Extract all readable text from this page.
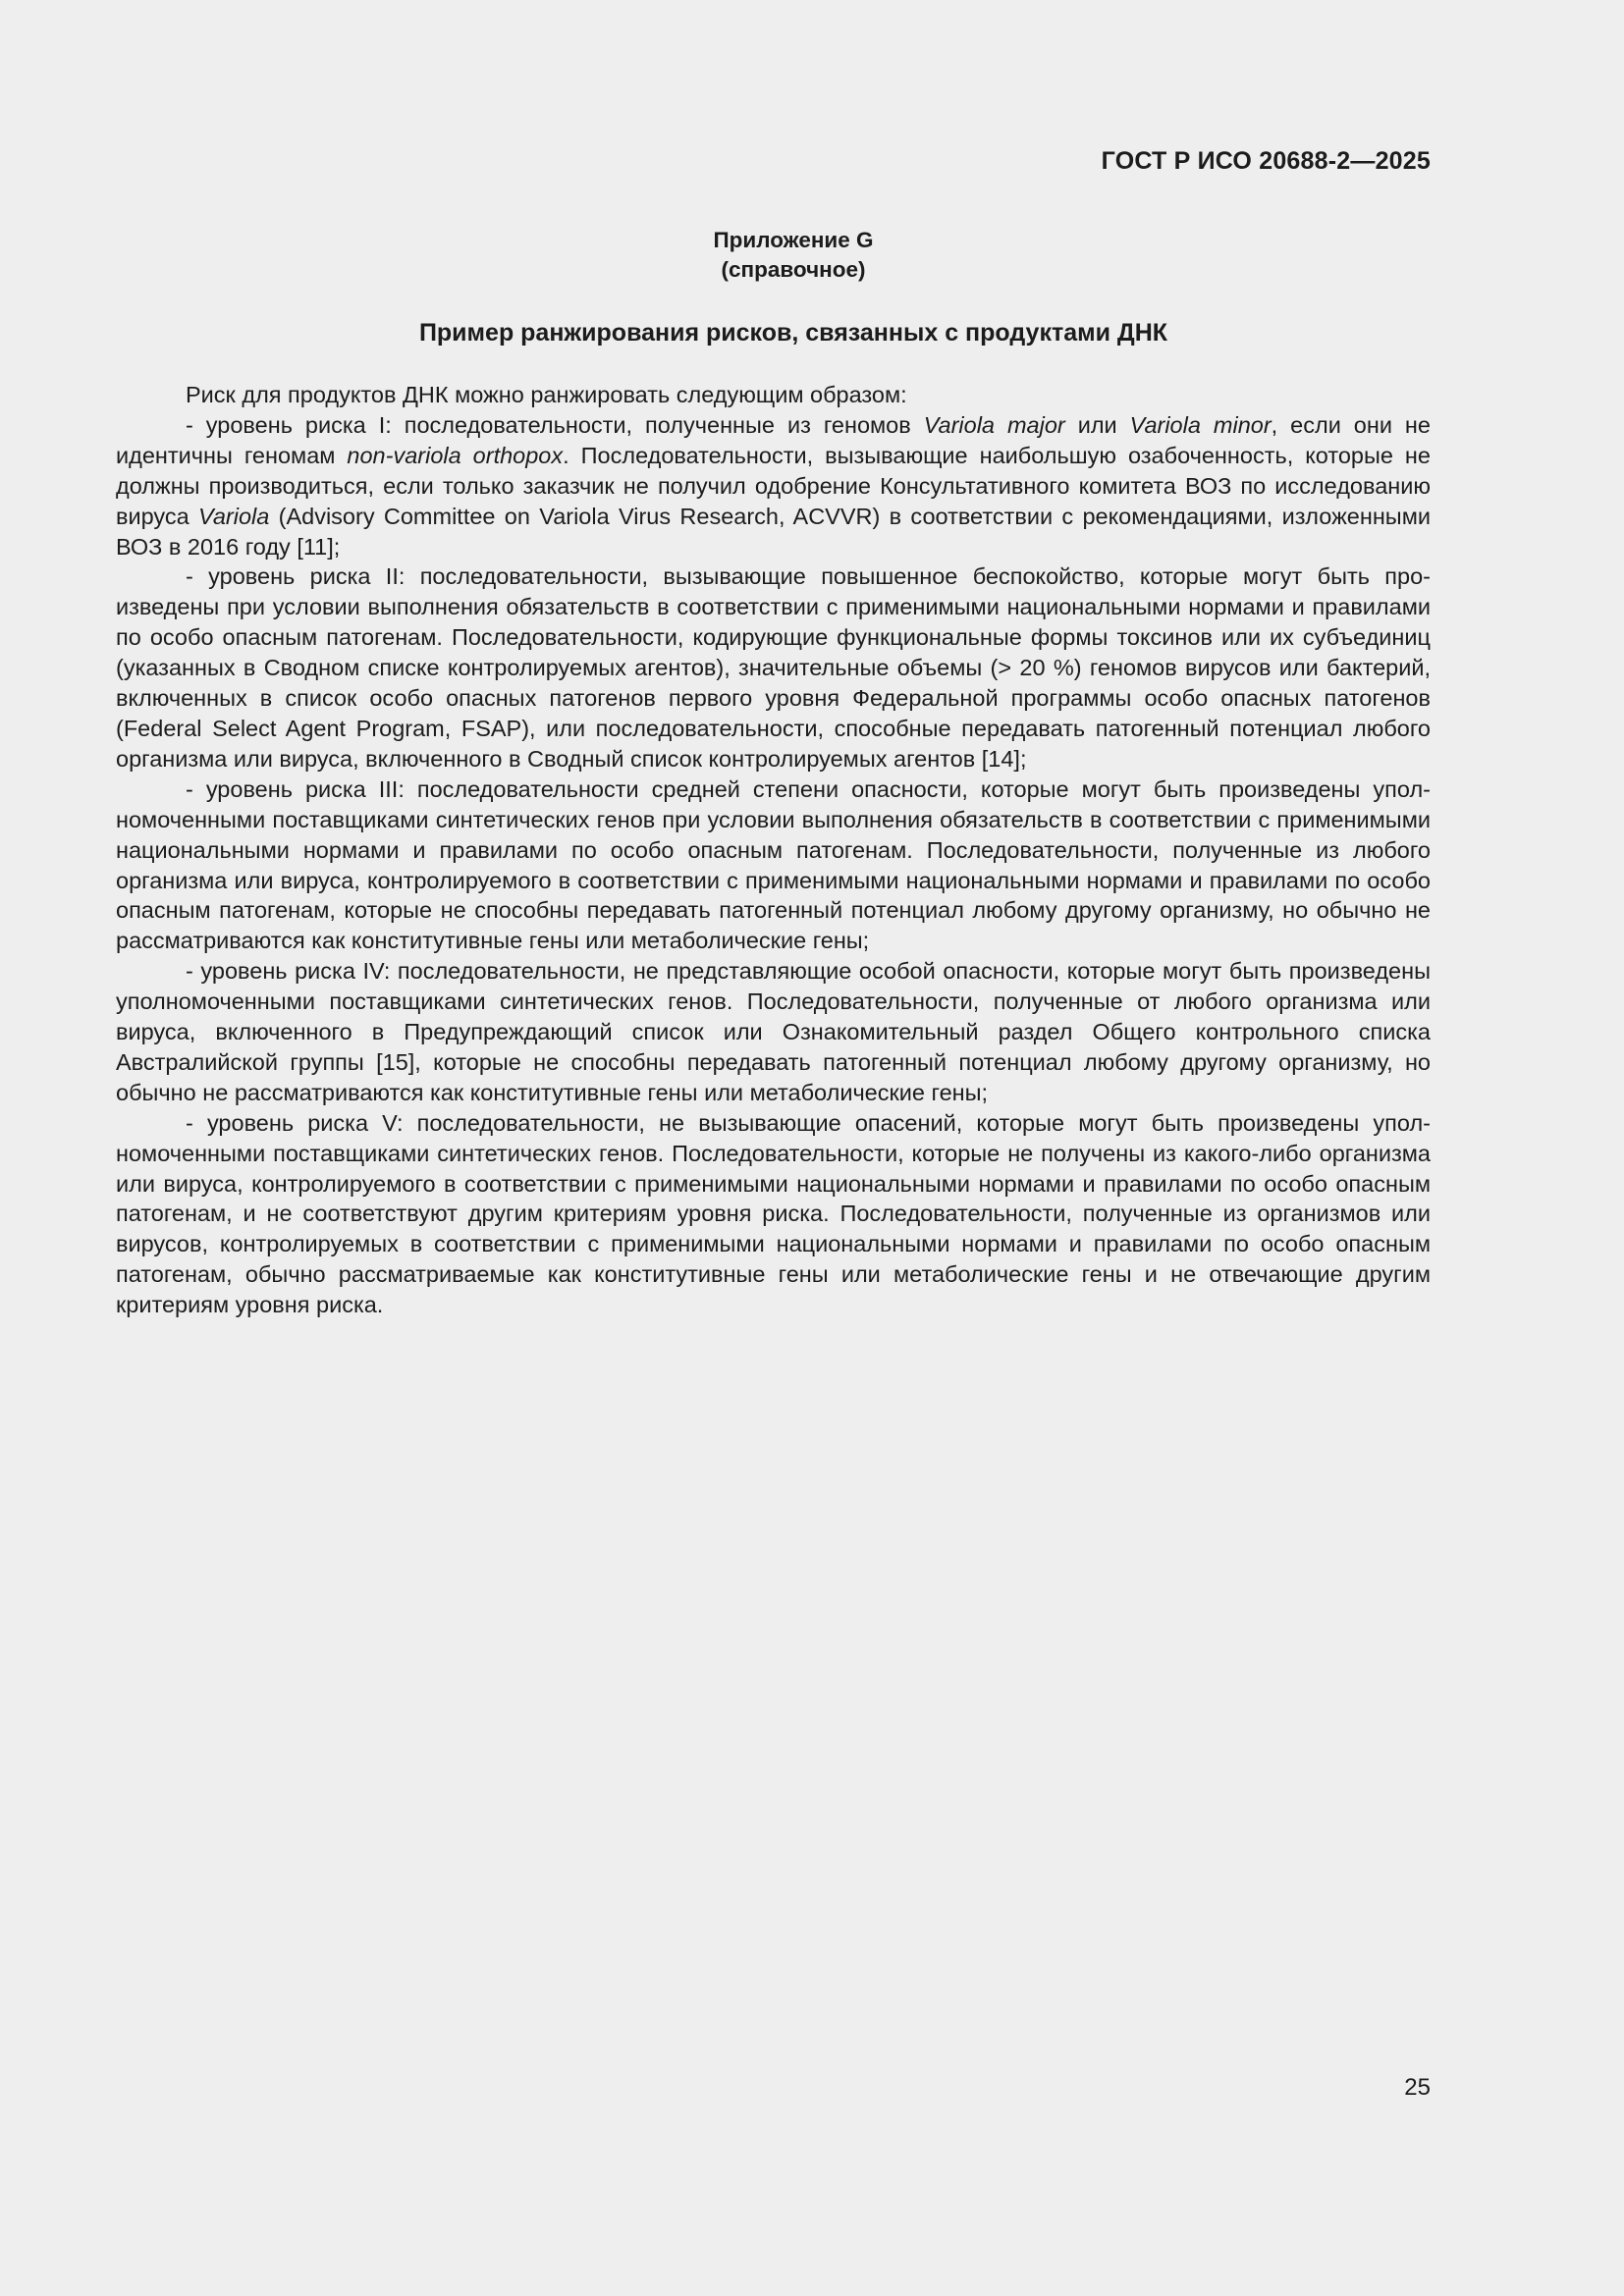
ГОСТ Р ИСО 20688-2—2025
Приложение G
(справочное)
Пример ранжирования рисков, связанных с продуктами ДНК

Риск для продуктов ДНК можно ранжировать следующим образом:

- уровень риска I: последовательности, полученные из геномов Variola major или Variola minor, если они не идентичны геномам non-variola orthopox. Последовательности, вызывающие наибольшую озабоченность, которые не должны производиться, если только заказчик не получил одобрение Консультативного комитета ВОЗ по исследованию вируса Variola (Advisory Committee on Variola Virus Research, ACVVR) в соответствии с рекомендациями, изложенными ВОЗ в 2016 году [11];

- уровень риска II: последовательности, вызывающие повышенное беспокойство, которые могут быть произведены при условии выполнения обязательств в соответствии с применимыми национальными нормами и правилами по особо опасным патогенам. Последовательности, кодирующие функциональные формы токсинов или их субъединиц (указанных в Сводном списке контролируемых агентов), значительные объемы (> 20 %) геномов вирусов или бактерий, включенных в список особо опасных патогенов первого уровня Федеральной программы особо опасных патогенов (Federal Select Agent Program, FSAP), или последовательности, способные передавать патогенный потенциал любого организма или вируса, включенного в Сводный список контролируемых агентов [14];

- уровень риска III: последовательности средней степени опасности, которые могут быть произведены уполномоченными поставщиками синтетических генов при условии выполнения обязательств в соответствии с применимыми национальными нормами и правилами по особо опасным патогенам. Последовательности, полученные из любого организма или вируса, контролируемого в соответствии с применимыми национальными нормами и правилами по особо опасным патогенам, которые не способны передавать патогенный потенциал любому другому организму, но обычно не рассматриваются как конститутивные гены или метаболические гены;

- уровень риска IV: последовательности, не представляющие особой опасности, которые могут быть произведены уполномоченными поставщиками синтетических генов. Последовательности, полученные от любого организма или вируса, включенного в Предупреждающий список или Ознакомительный раздел Общего контрольного списка Австралийской группы [15], которые не способны передавать патогенный потенциал любому другому организму, но обычно не рассматриваются как конститутивные гены или метаболические гены;

- уровень риска V: последовательности, не вызывающие опасений, которые могут быть произведены уполномоченными поставщиками синтетических генов. Последовательности, которые не получены из какого-либо организма или вируса, контролируемого в соответствии с применимыми национальными нормами и правилами по особо опасным патогенам, и не соответствуют другим критериям уровня риска. Последовательности, полученные из организмов или вирусов, контролируемых в соответствии с применимыми национальными нормами и правилами по особо опасным патогенам, обычно рассматриваемые как конститутивные гены или метаболические гены и не отвечающие другим критериям уровня риска.

25
